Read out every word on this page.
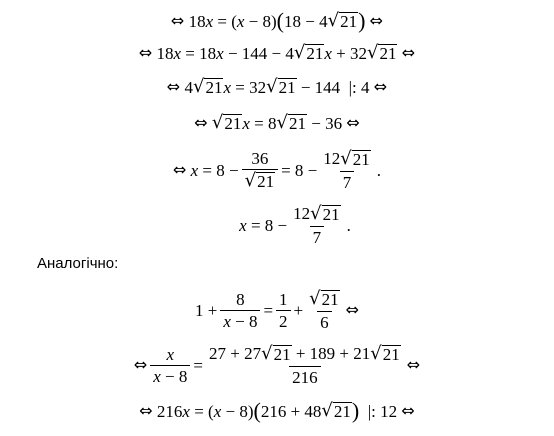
⇔ 18 x = ( x − 8) ( 18 − 4 √ 21 )
⇔
⇔ 18 x = 18 x − 144 − 4 √ 21 x + 32 √ 21
⇔
⇔ 4 √ 21 x = 32 √ 21 − 144  |: 4 ⇔
⇔
√ 21 x = 8 √ 21 − 36 ⇔
⇔
$x = 8 - \frac{36}{√ 21} = 8 - \frac{12 √ 21}{7}$ .
$x = 8 - \frac{12 √ 21}{7}$ .
Аналогічно:
$1 + \frac{8}{x - 8} = \frac{1}{2} + \frac{√ 21}{6}$ ⇔
⇔ $\frac{x}{x - 8} = \frac{27 + 27 √ 21 + 189 + 21 √ 21}{216}$ ⇔
⇔ 216 x = ( x − 8) ( 216 + 48 √ 21 ) |: 12 ⇔
